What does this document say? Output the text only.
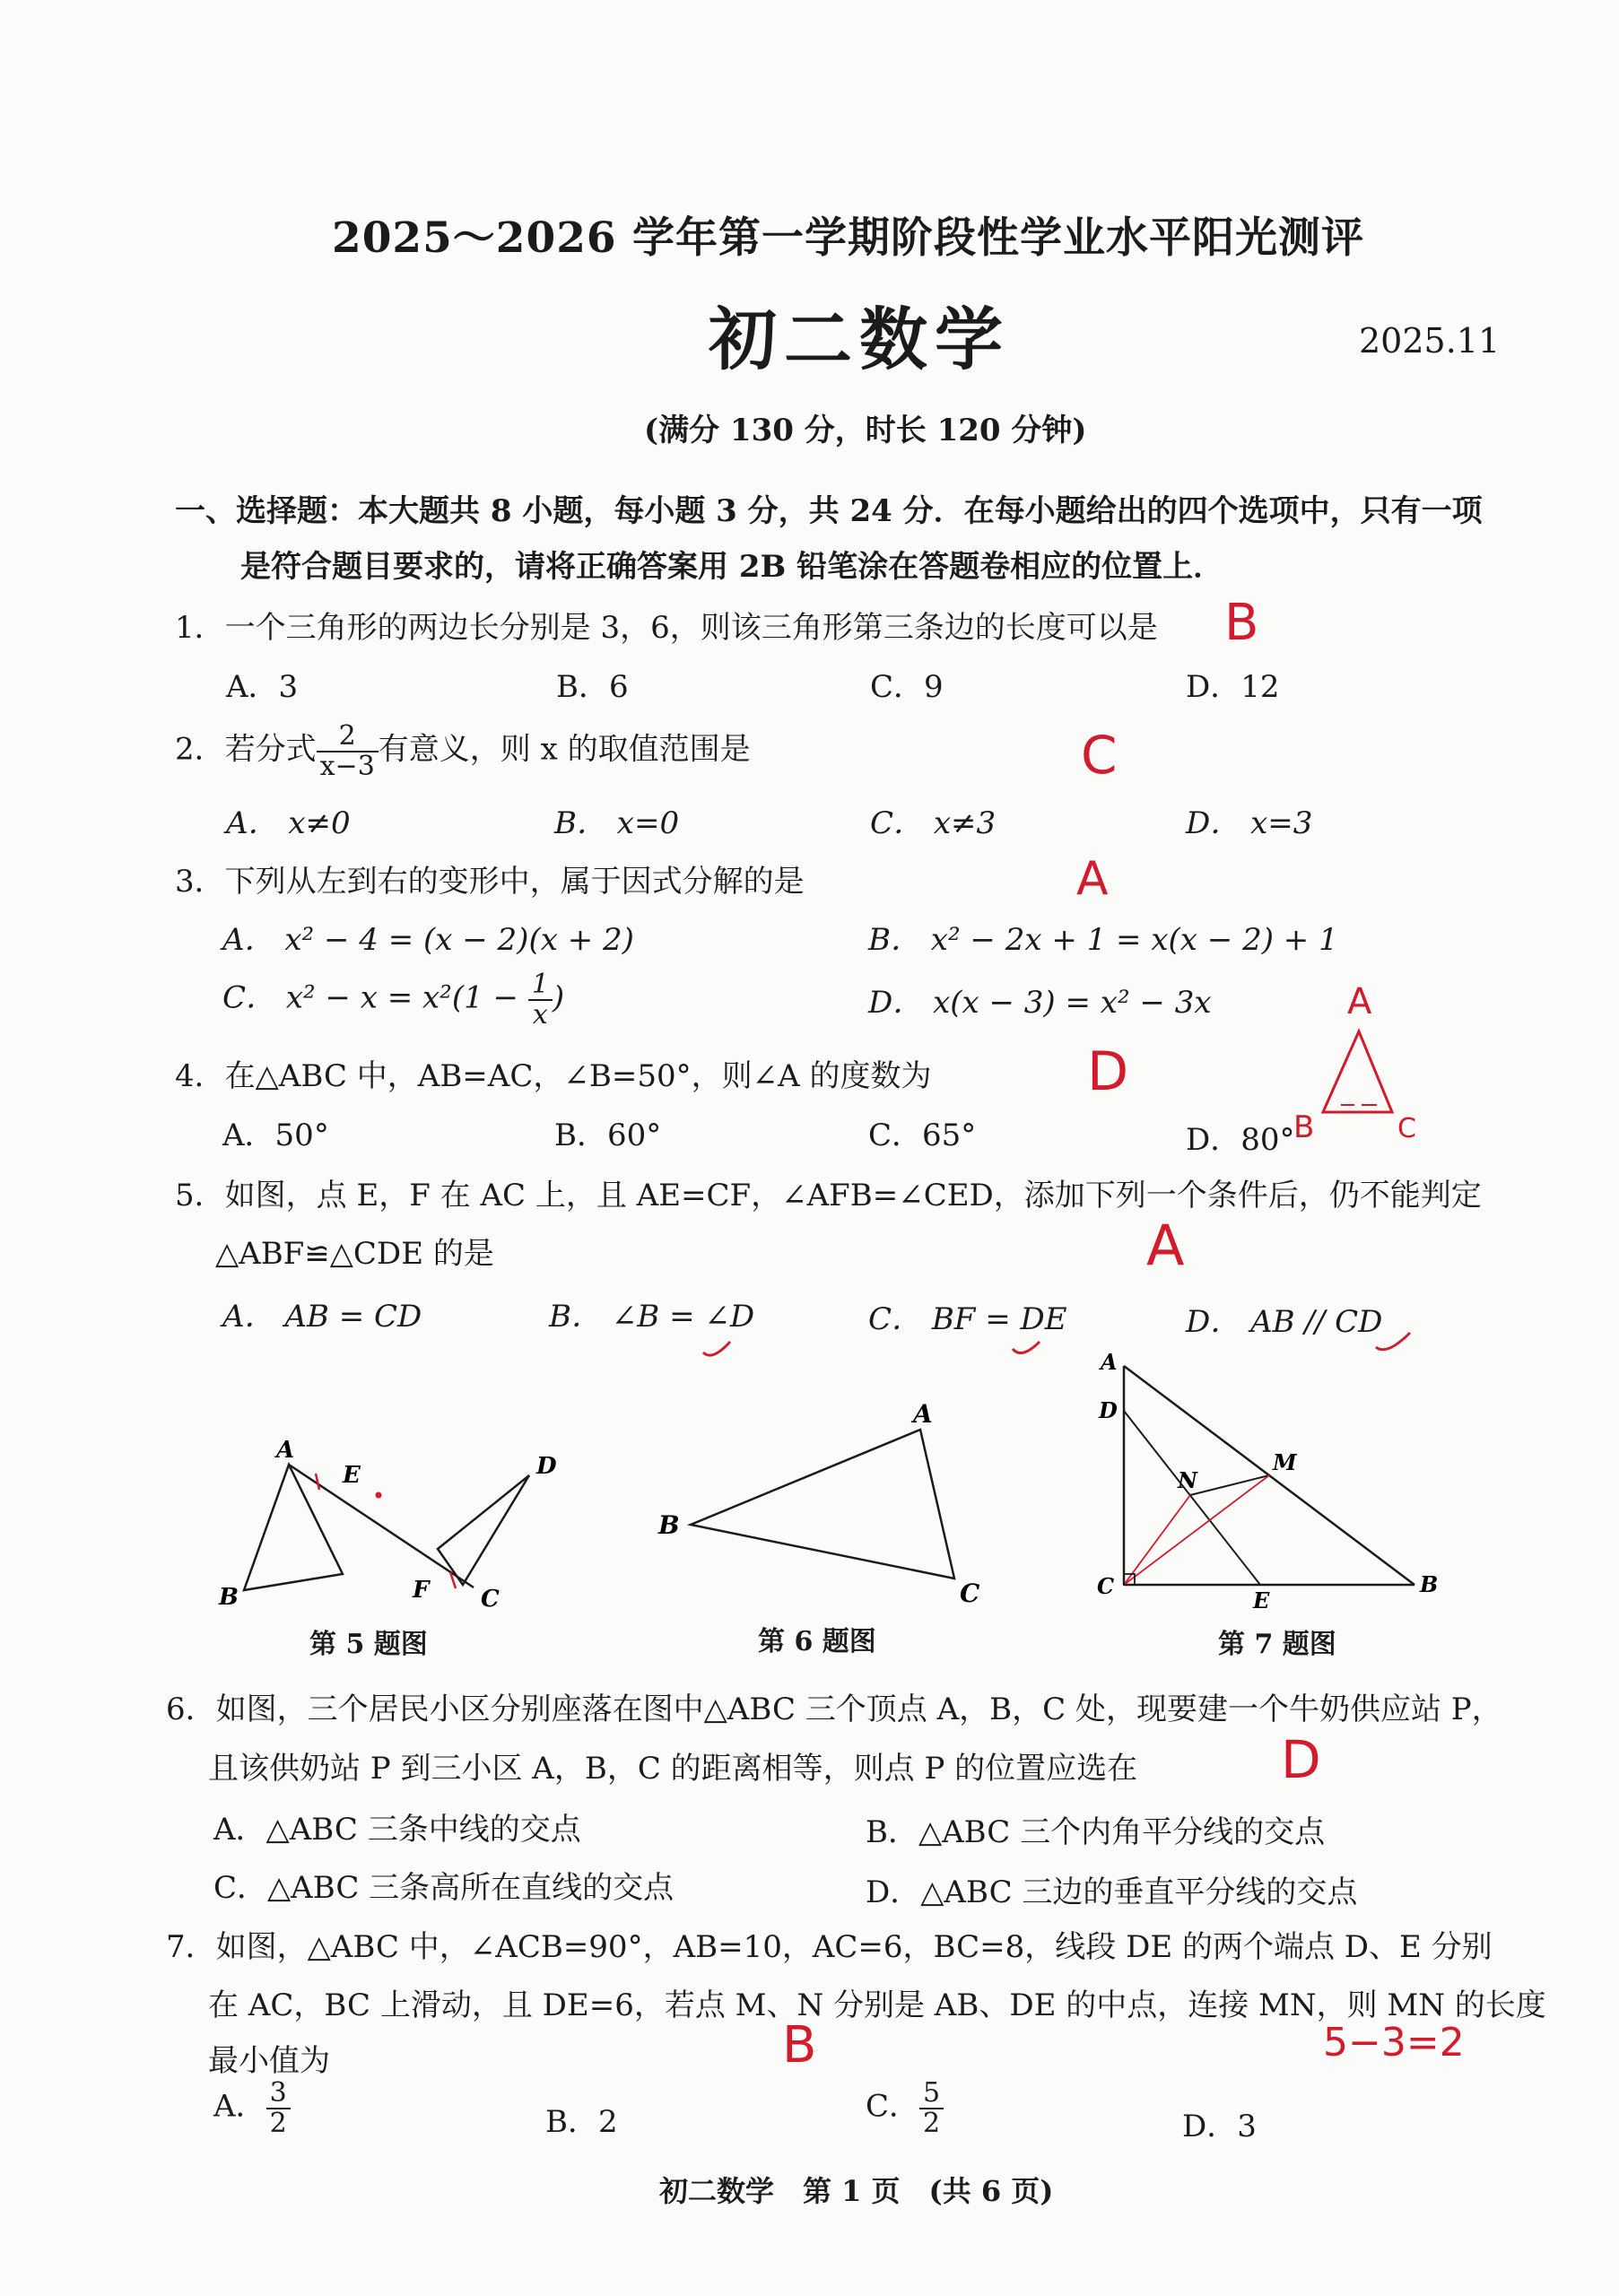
2025～2026 学年第一学期阶段性学业水平阳光测评
初二数学	2025.11
(满分 130 分，时长 120 分钟)
一、选择题：本大题共 8 小题，每小题 3 分，共 24 分．在每小题给出的四个选项中，只有一项
是符合题目要求的，请将正确答案用 2B 铅笔涂在答题卷相应的位置上．
1．一个三角形的两边长分别是 3，6，则该三角形第三条边的长度可以是 B
A．3	B．6	C．9	D．12
2．若分式 $\frac{2}{x-3}$ 有意义，则 x 的取值范围是	C
A． x≠0	B． x=0	C． x≠3	D． x=3
3．下列从左到右的变形中，属于因式分解的是	A
A． x² − 4 = (x − 2)(x + 2)	B． x² − 2x + 1 = x(x − 2) + 1
C． $x^2 - x = x^2(1 - \frac{1}{x}$ )	D． x(x − 3) = x² − 3x
4．在△ABC 中，AB=AC，∠B=50°，则∠A 的度数为	D
A．50°	B．60°	C．65°	D．80°
A
B	C
5．如图，点 E，F 在 AC 上，且 AE=CF，∠AFB=∠CED，添加下列一个条件后，仍不能判定
△ABF≌△CDE 的是	A
A． AB = CD	B． ∠B = ∠D	C． BF = DE	D． AB // CD
A
E	D
B	F C
第 5 题图
A
B
C
第 6 题图
A
D
N
M
C
E
B
第 7 题图
6．如图，三个居民小区分别座落在图中△ABC 三个顶点 A，B，C 处，现要建一个牛奶供应站 P，
且该供奶站 P 到三小区 A，B，C 的距离相等，则点 P 的位置应选在	D
A．△ABC 三条中线的交点	B．△ABC 三个内角平分线的交点
C．△ABC 三条高所在直线的交点	D．△ABC 三边的垂直平分线的交点
7．如图，△ABC 中，∠ACB=90°，AB=10，AC=6，BC=8，线段 DE 的两个端点 D、E 分别
在 AC，BC 上滑动，且 DE=6，若点 M、N 分别是 AB、DE 的中点，连接 MN，则 MN 的长度
最小值为	B	5−3=2
A． $\frac{3}{2}$	B．2	C． $\frac{5}{2}$	D．3
初二数学　第 1 页　(共 6 页)
